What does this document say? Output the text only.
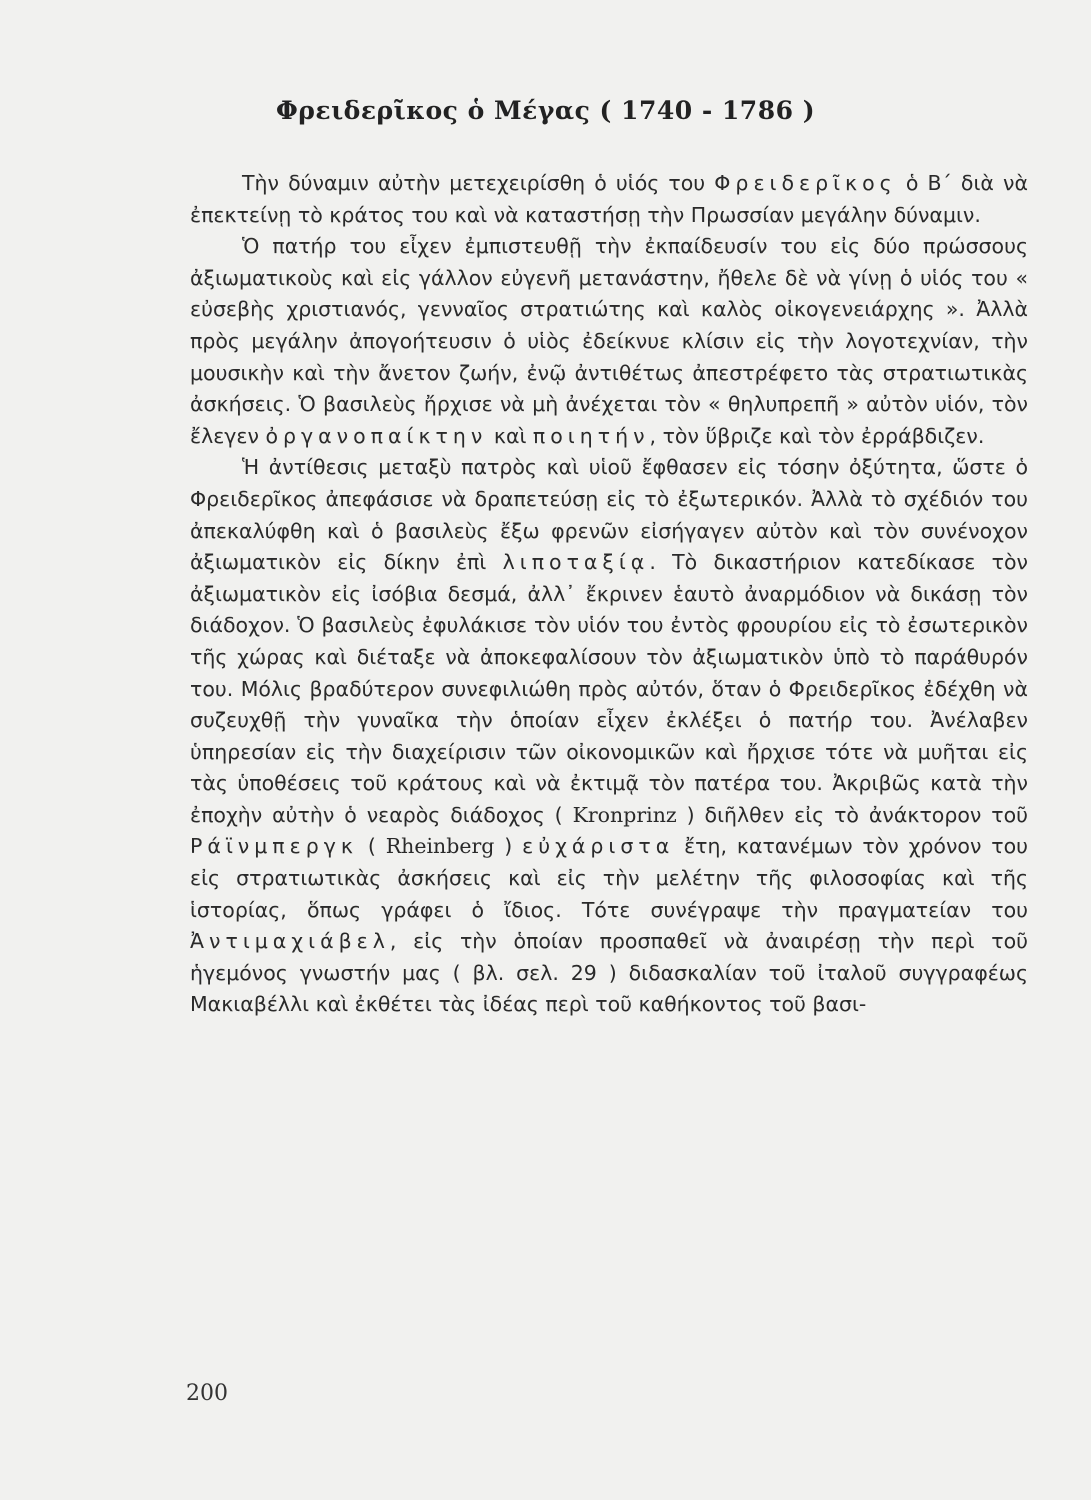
Φρειδερῖκος ὁ Μέγας ( 1740 - 1786 )

Τὴν δύναμιν αὐτὴν μετεχειρίσθη ὁ υἱός του Φρειδερῖκος ὁ Β΄ διὰ νὰ ἐπεκτείνῃ τὸ κράτος του καὶ νὰ καταστήσῃ τὴν Πρωσσίαν μεγάλην δύναμιν.

Ὁ πατήρ του εἶχεν ἐμπιστευθῇ τὴν ἐκπαίδευσίν του εἰς δύο πρώσσους ἀξιωματικοὺς καὶ εἰς γάλλον εὐγενῆ μετανάστην, ἤθελε δὲ νὰ γίνῃ ὁ υἱός του « εὐσεβὴς χριστιανός, γενναῖος στρατιώτης καὶ καλὸς οἰκογενειάρχης ». Ἀλλὰ πρὸς μεγάλην ἀπογοήτευσιν ὁ υἱὸς ἐδείκνυε κλίσιν εἰς τὴν λογοτεχνίαν, τὴν μουσικὴν καὶ τὴν ἄνετον ζωήν, ἐνῷ ἀντιθέτως ἀπεστρέφετο τὰς στρατιωτικὰς ἀσκήσεις. Ὁ βασιλεὺς ἤρχισε νὰ μὴ ἀνέχεται τὸν « θηλυπρεπῆ » αὐτὸν υἱόν, τὸν ἔλεγεν ὀργανοπαίκτην καὶ ποιητήν, τὸν ὕβριζε καὶ τὸν ἐρράβδιζεν.

Ἡ ἀντίθεσις μεταξὺ πατρὸς καὶ υἱοῦ ἔφθασεν εἰς τόσην ὀξύτητα, ὥστε ὁ Φρειδερῖκος ἀπεφάσισε νὰ δραπετεύσῃ εἰς τὸ ἐξωτερικόν. Ἀλλὰ τὸ σχέδιόν του ἀπεκαλύφθη καὶ ὁ βασιλεὺς ἔξω φρενῶν εἰσήγαγεν αὐτὸν καὶ τὸν συνένοχον ἀξιωματικὸν εἰς δίκην ἐπὶ λιποταξίᾳ. Τὸ δικαστήριον κατεδίκασε τὸν ἀξιωματικὸν εἰς ἰσόβια δεσμά, ἀλλ᾽ ἔκρινεν ἑαυτὸ ἀναρμόδιον νὰ δικάσῃ τὸν διάδοχον. Ὁ βασιλεὺς ἐφυλάκισε τὸν υἱόν του ἐντὸς φρουρίου εἰς τὸ ἐσωτερικὸν τῆς χώρας καὶ διέταξε νὰ ἀποκεφαλίσουν τὸν ἀξιωματικὸν ὑπὸ τὸ παράθυρόν του. Μόλις βραδύτερον συνεφιλιώθη πρὸς αὐτόν, ὅταν ὁ Φρειδερῖκος ἐδέχθη νὰ συζευχθῇ τὴν γυναῖκα τὴν ὁποίαν εἶχεν ἐκλέξει ὁ πατήρ του. Ἀνέλαβεν ὑπηρεσίαν εἰς τὴν διαχείρισιν τῶν οἰκονομικῶν καὶ ἤρχισε τότε νὰ μυῆται εἰς τὰς ὑποθέσεις τοῦ κράτους καὶ νὰ ἐκτιμᾷ τὸν πατέρα του. Ἀκριβῶς κατὰ τὴν ἐποχὴν αὐτὴν ὁ νεαρὸς διάδοχος ( Kronprinz ) διῆλθεν εἰς τὸ ἀνάκτορον τοῦ Ράϊνμπεργκ ( Rheinberg ) εὐχάριστα ἔτη, κατανέμων τὸν χρόνον του εἰς στρατιωτικὰς ἀσκήσεις καὶ εἰς τὴν μελέτην τῆς φιλοσοφίας καὶ τῆς ἱστορίας, ὅπως γράφει ὁ ἴδιος. Τότε συνέγραψε τὴν πραγματείαν του Ἀντιμαχιάβελ, εἰς τὴν ὁποίαν προσπαθεῖ νὰ ἀναιρέσῃ τὴν περὶ τοῦ ἡγεμόνος γνωστήν μας ( βλ. σελ. 29 ) διδασκαλίαν τοῦ ἰταλοῦ συγγραφέως Μακιαβέλλι καὶ ἐκθέτει τὰς ἰδέας περὶ τοῦ καθήκοντος τοῦ βασι-

200
